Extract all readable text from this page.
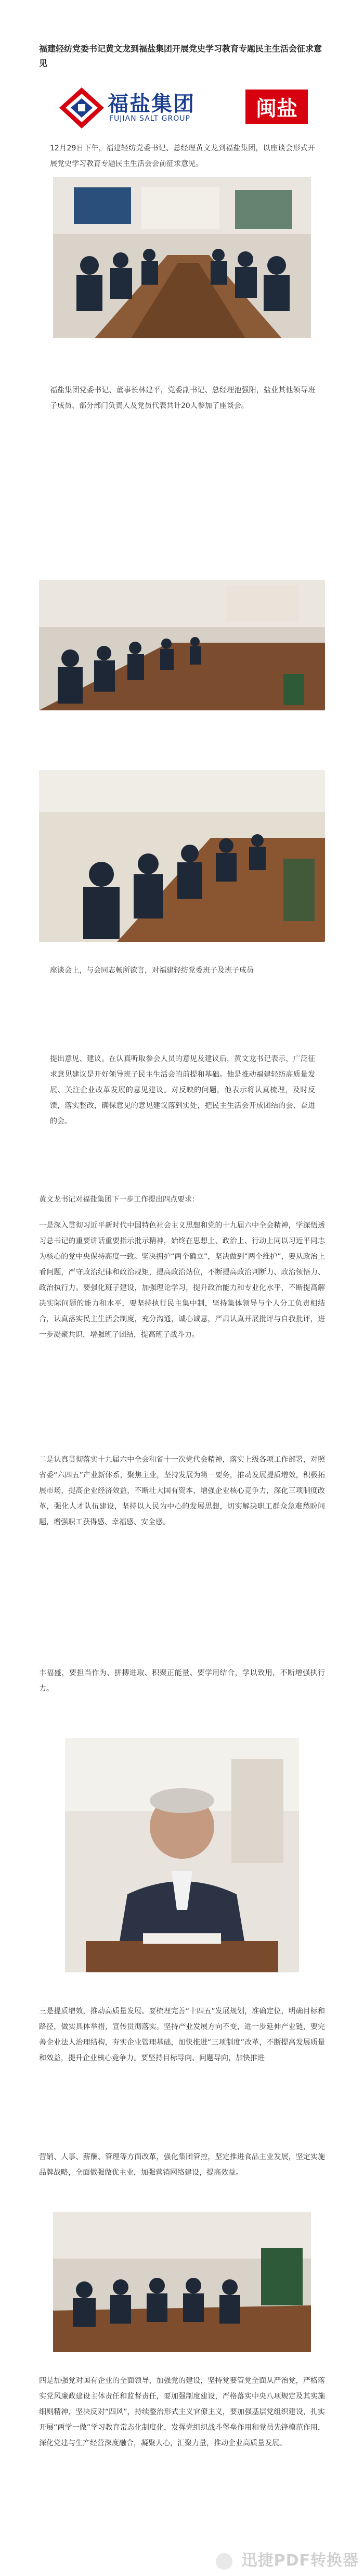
福建轻纺党委书记黄文龙到福盐集团开展党史学习教育专题民主生活会征求意见
福盐集团
FUJIAN SALT GROUP	闽盐

12月29日下午，福建轻纺党委书记、总经理黄文龙到福盐集团，以座谈会形式开展党史学习教育专题民主生活会会前征求意见。

福盐集团党委书记、董事长林建平，党委副书记、总经理池强阳，盐业其他领导班子成员、部分部门负责人及党员代表共计20人参加了座谈会。

座谈会上，与会同志畅所欲言，对福建轻纺党委班子及班子成员

提出意见、建议。在认真听取参会人员的意见及建议后，黄文龙书记表示，广泛征求意见建议是开好领导班子民主生活会的前提和基础。他是推动福建轻纺高质量发展、关注企业改革发展的意见建议。对反映的问题，他表示将认真梳理，及时反馈，落实整改，确保意见的意见建议落到实处，把民主生活会开成团结的会、奋进的会。

黄文龙书记对福盐集团下一步工作提出四点要求：

一是深入贯彻习近平新时代中国特色社会主义思想和党的十九届六中全会精神，学深悟透习总书记的重要讲话重要指示批示精神，始终在思想上、政治上、行动上同以习近平同志为核心的党中央保持高度一致。坚决拥护“两个确立”，坚决做到“两个维护”，要从政治上看问题，严守政治纪律和政治规矩，提高政治站位，不断提高政治判断力、政治领悟力、政治执行力。要强化班子建设，加强理论学习，提升政治能力和专业化水平，不断提高解决实际问题的能力和水平，要坚持执行民主集中制，坚持集体领导与个人分工负责相结合，认真落实民主生活会制度，充分沟通，诚心诚意，严肃认真开展批评与自我批评，进一步凝聚共识，增强班子团结，提高班子战斗力。

二是认真贯彻落实十九届六中全会和省十一次党代会精神，落实上级各项工作部署，对照省委“六四五”产业新体系，聚焦主业，坚持发展为第一要务，推动发展提质增效，积极拓展市场，提高企业经济效益，不断壮大国有资本，增强企业核心竞争力，深化三项制度改革，强化人才队伍建设，坚持以人民为中心的发展思想，切实解决职工群众急难愁盼问题，增强职工获得感、幸福感、安全感。

丰福盛，要担当作为、拼搏进取、积聚正能量、要学用结合，学以致用，不断增强执行力。

三是提质增效，推动高质量发展。要梳理完善“十四五”发展规划，准确定位，明确目标和路径，做实具体举措，宣传贯彻落实。坚持产业发展方向不变，进一步延伸产业链，要完善企业法人治理结构，夯实企业管理基础，加快推进“三项制度”改革，不断提高发展质量和效益，提升企业核心竞争力。要坚持目标导向、问题导向，加快推进

营销、人事、薪酬、管理等方面改革，强化集团管控，坚定推进食品主业发展，坚定实施品牌战略，全面做强做优主业，加强营销网络建设，提高效益。

四是加强党对国有企业的全面领导，加强党的建设，坚持党要管党全面从严治党，严格落实党风廉政建设主体责任和监督责任，要加强制度建设，严格落实中央八项规定及其实施细则精神，坚决反对“四风”，持续整治形式主义官僚主义，要加强基层党组织建设，扎实开展“两学一做”学习教育常态化制度化，发挥党组织战斗堡垒作用和党员先锋模范作用，深化党建与生产经营深度融合，凝聚人心，汇聚力量，推动企业高质量发展。

迅捷PDF转换器
